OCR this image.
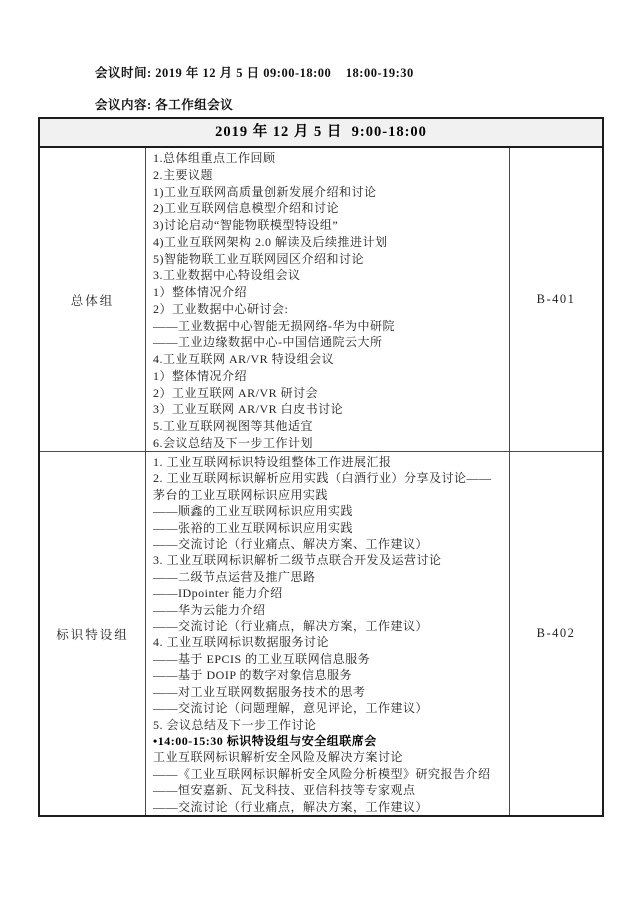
会议时间: 2019 年 12 月 5 日 09:00-18:00    18:00-19:30
会议内容: 各工作组会议
2019 年 12 月 5 日  9:00-18:00
总体组
1.总体组重点工作回顾
2.主要议题
1)工业互联网高质量创新发展介绍和讨论
2)工业互联网信息模型介绍和讨论
3)讨论启动“智能物联模型特设组”
4)工业互联网架构 2.0 解读及后续推进计划
5)智能物联工业互联网园区介绍和讨论
3.工业数据中心特设组会议
1）整体情况介绍
2）工业数据中心研讨会:
——工业数据中心智能无损网络-华为中研院
——工业边缘数据中心-中国信通院云大所
4.工业互联网 AR/VR 特设组会议
1）整体情况介绍
2）工业互联网 AR/VR 研讨会
3）工业互联网 AR/VR 白皮书讨论
5.工业互联网视图等其他适宜
6.会议总结及下一步工作计划
B-401
标识特设组
1. 工业互联网标识特设组整体工作进展汇报
2. 工业互联网标识解析应用实践（白酒行业）分享及讨论——
茅台的工业互联网标识应用实践
——顺鑫的工业互联网标识应用实践
——张裕的工业互联网标识应用实践
——交流讨论（行业痛点、解决方案、工作建议）
3. 工业互联网标识解析二级节点联合开发及运营讨论
——二级节点运营及推广思路
——IDpointer 能力介绍
——华为云能力介绍
——交流讨论（行业痛点，解决方案，工作建议）
4. 工业互联网标识数据服务讨论
——基于 EPCIS 的工业互联网信息服务
——基于 DOIP 的数字对象信息服务
——对工业互联网数据服务技术的思考
——交流讨论（问题理解，意见评论，工作建议）
5. 会议总结及下一步工作讨论
•14:00-15:30 标识特设组与安全组联席会
工业互联网标识解析安全风险及解决方案讨论
——《工业互联网标识解析安全风险分析模型》研究报告介绍
——恒安嘉新、瓦戈科技、亚信科技等专家观点
——交流讨论（行业痛点，解决方案，工作建议）
B-402
